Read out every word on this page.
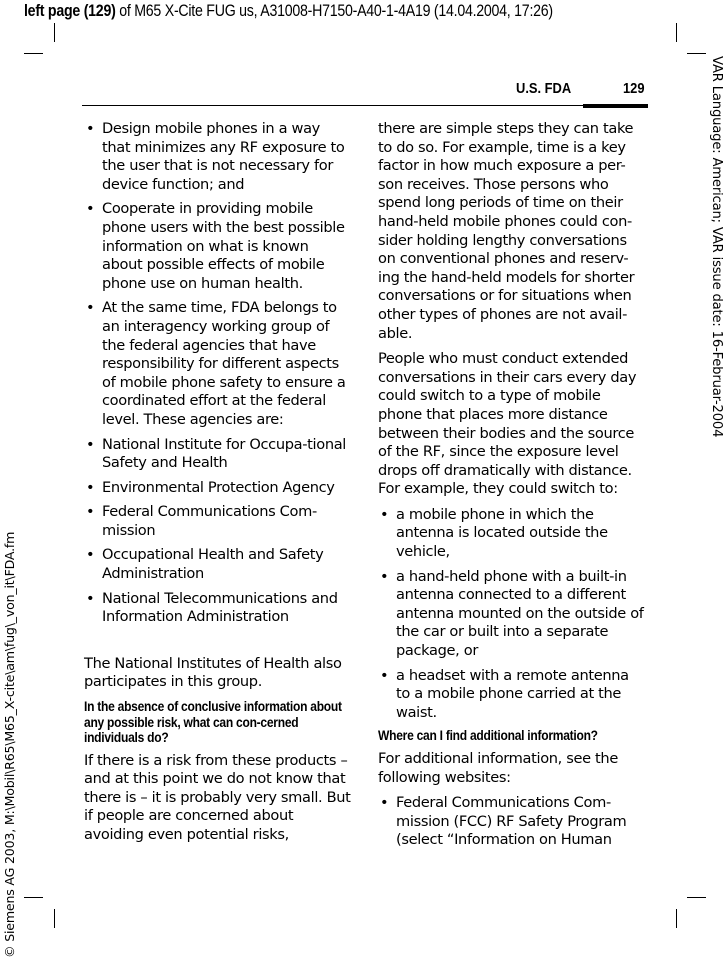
left page (129) of M65 X-Cite FUG us, A31008-H7150-A40-1-4A19 (14.04.2004, 17:26)
VAR Language: American; VAR issue date: 16-Februar-2004
© Siemens AG 2003, M:\Mobil\R65\M65_X-cite\am\fug\_von_it\FDA.fm
U.S. FDA	129
• Design mobile phones in a way that minimizes any RF exposure to the user that is not necessary for device function; and
• Cooperate in providing mobile phone users with the best possible information on what is known about possible effects of mobile phone use on human health.
• At the same time, FDA belongs to an interagency working group of the federal agencies that have responsibility for different aspects of mobile phone safety to ensure a coordinated effort at the federal level. These agencies are:
• National Institute for Occupa-tional Safety and Health
• Environmental Protection Agency
• Federal Communications Com-mission
• Occupational Health and Safety Administration
• National Telecommunications and Information Administration

The National Institutes of Health also participates in this group.

In the absence of conclusive information about any possible risk, what can con-cerned individuals do?

If there is a risk from these products – and at this point we do not know that there is – it is probably very small. But if people are concerned about avoiding even potential risks,

there are simple steps they can take to do so. For example, time is a key factor in how much exposure a per-son receives. Those persons who spend long periods of time on their hand-held mobile phones could con-sider holding lengthy conversations on conventional phones and reserv-ing the hand-held models for shorter conversations or for situations when other types of phones are not avail-able.

People who must conduct extended conversations in their cars every day could switch to a type of mobile phone that places more distance between their bodies and the source of the RF, since the exposure level drops off dramatically with distance. For example, they could switch to:

• a mobile phone in which the antenna is located outside the vehicle,
• a hand-held phone with a built-in antenna connected to a different antenna mounted on the outside of the car or built into a separate package, or
• a headset with a remote antenna to a mobile phone carried at the waist.
Where can I find additional information?

For additional information, see the following websites:

• Federal Communications Com-mission (FCC) RF Safety Program (select “Information on Human
